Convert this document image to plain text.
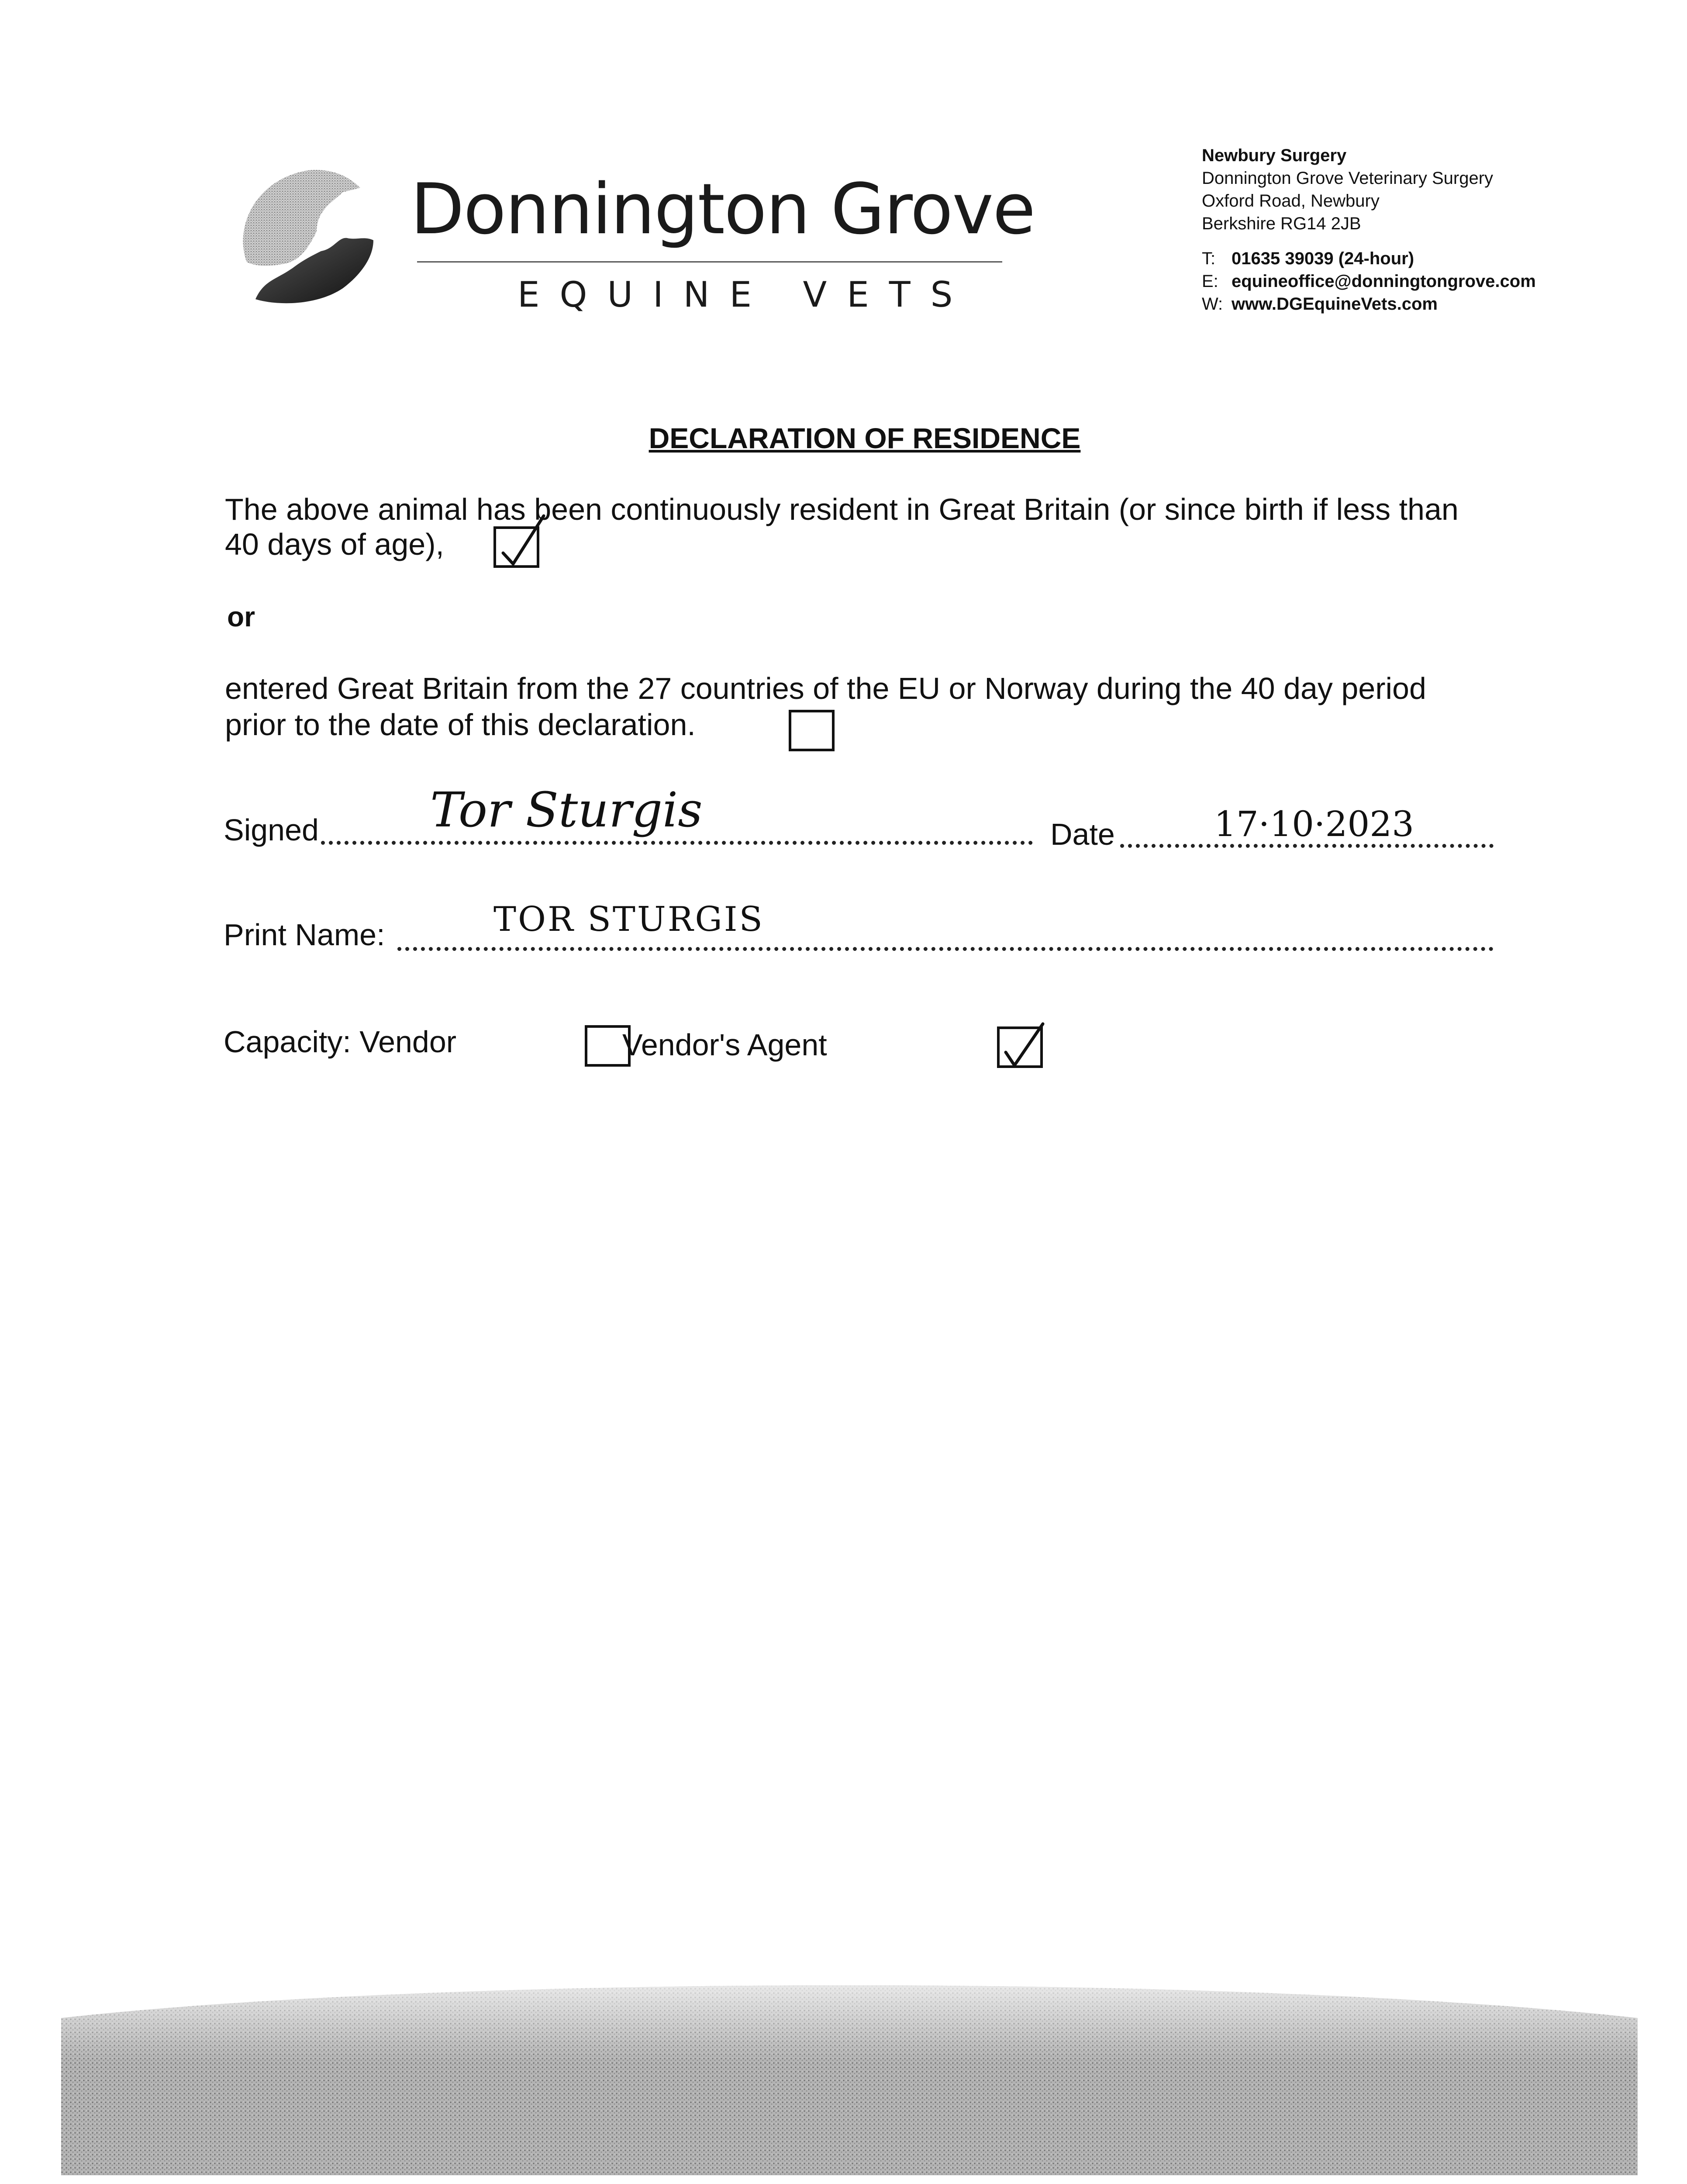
Donnington Grove
EQUINE VETS
Newbury Surgery
Donnington Grove Veterinary Surgery
Oxford Road, Newbury
Berkshire RG14 2JB
T: 01635 39039 (24-hour)
E: equineoffice@donningtongrove.com
W: www.DGEquineVets.com
DECLARATION OF RESIDENCE
The above animal has been continuously resident in Great Britain (or since birth if less than
40 days of age),

or
entered Great Britain from the 27 countries of the EU or Norway during the 40 day period
prior to the date of this declaration.

Signed Tor Sturgis	Date	17·10·2023
Print Name:	TOR STURGIS
Capacity: Vendor
	Vendor's Agent
